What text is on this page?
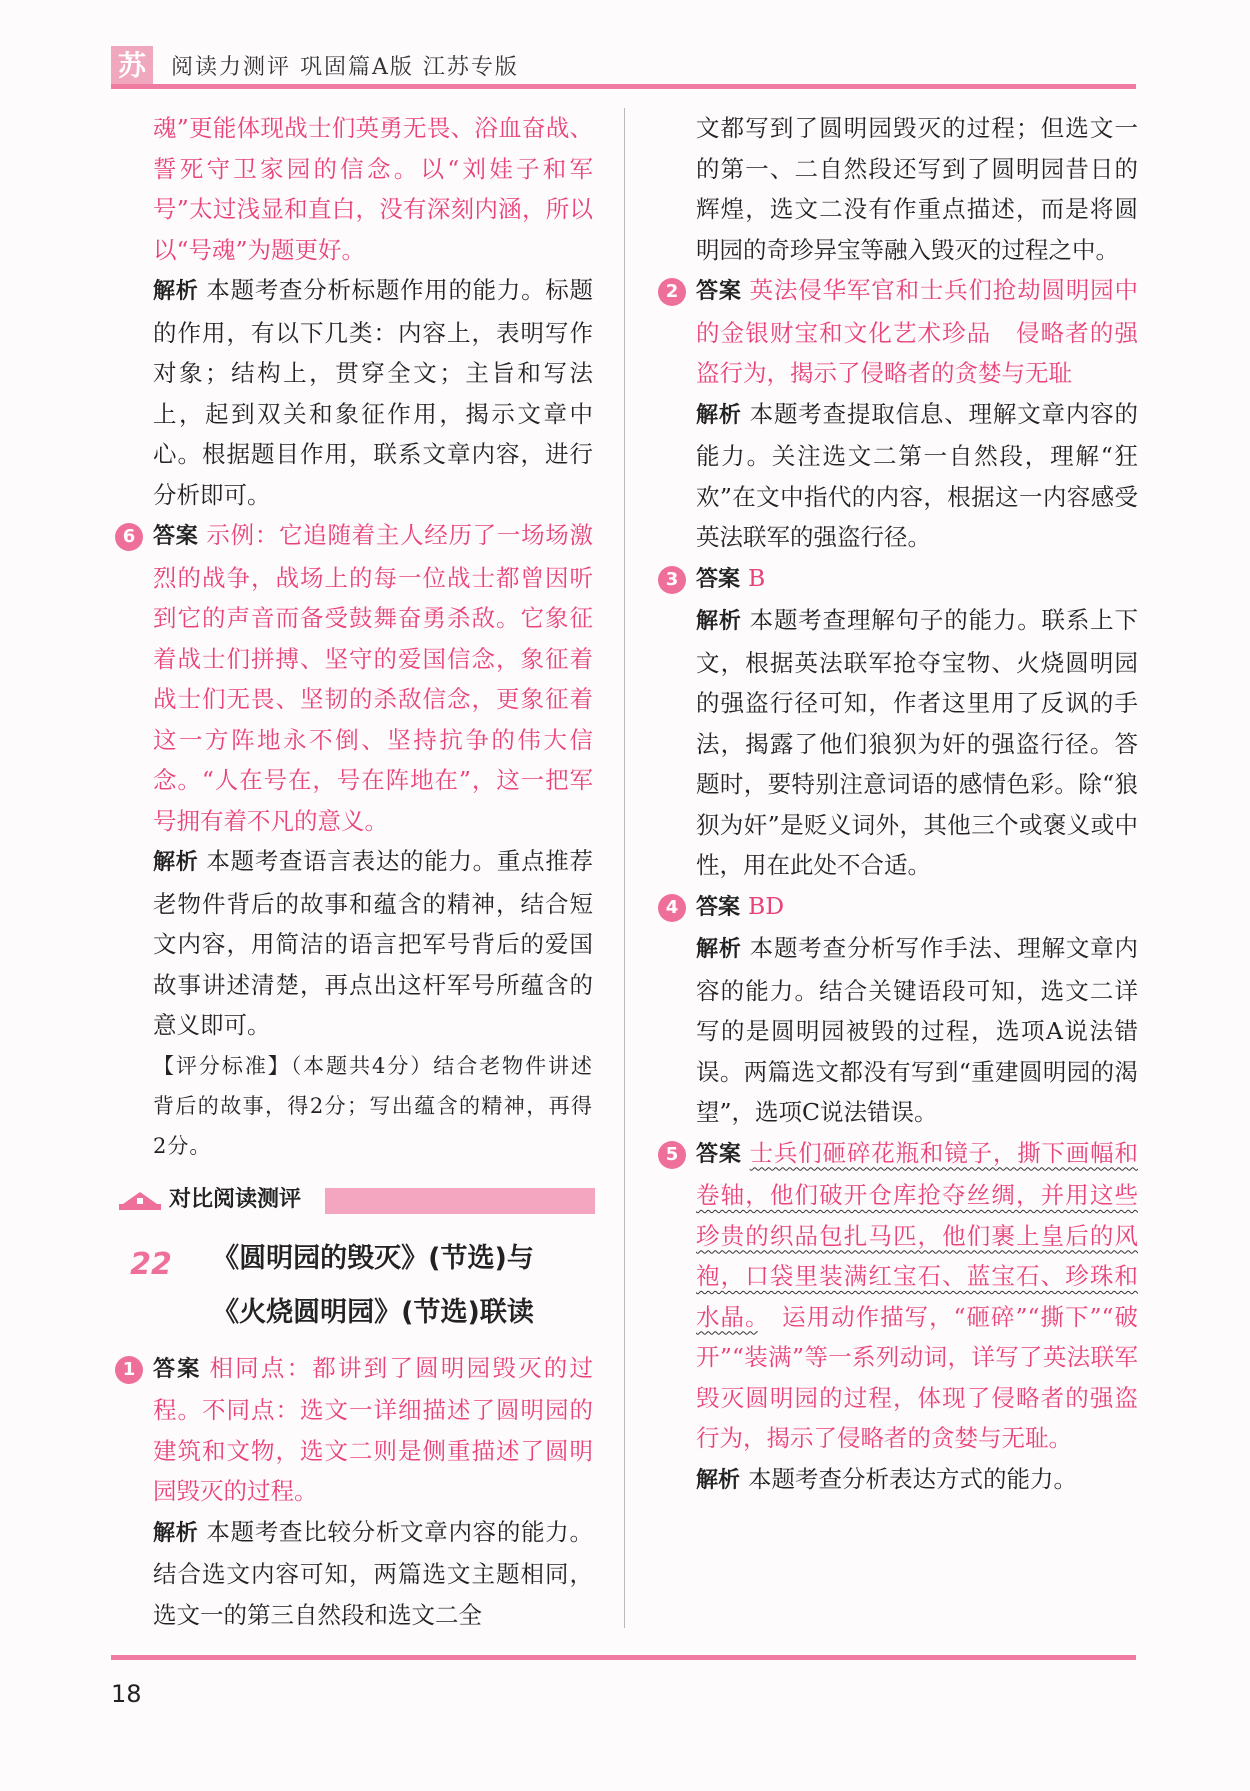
苏	阅读力测评 巩固篇A版 江苏专版

魂”更能体现战士们英勇无畏、浴血奋战、誓死守卫家园的信念。以“刘娃子和军号”太过浅显和直白，没有深刻内涵，所以以“号魂”为题更好。

解析 本题考查分析标题作用的能力。标题的作用，有以下几类：内容上，表明写作对象；结构上，贯穿全文；主旨和写法上，起到双关和象征作用，揭示文章中心。根据题目作用，联系文章内容，进行分析即可。

6 答案 示例：它追随着主人经历了一场场激烈的战争，战场上的每一位战士都曾因听到它的声音而备受鼓舞奋勇杀敌。它象征着战士们拼搏、坚守的爱国信念，象征着战士们无畏、坚韧的杀敌信念，更象征着这一方阵地永不倒、坚持抗争的伟大信念。“人在号在，号在阵地在”，这一把军号拥有着不凡的意义。

解析 本题考查语言表达的能力。重点推荐老物件背后的故事和蕴含的精神，结合短文内容，用简洁的语言把军号背后的爱国故事讲述清楚，再点出这杆军号所蕴含的意义即可。

【评分标准】（本题共4分）结合老物件讲述背后的故事，得2分；写出蕴含的精神，再得2分。

对比阅读测评
22	《圆明园的毁灭》(节选)与
《火烧圆明园》(节选)联读
1 答案 相同点：都讲到了圆明园毁灭的过程。不同点：选文一详细描述了圆明园的建筑和文物，选文二则是侧重描述了圆明园毁灭的过程。

解析 本题考查比较分析文章内容的能力。结合选文内容可知，两篇选文主题相同，选文一的第三自然段和选文二全

文都写到了圆明园毁灭的过程；但选文一的第一、二自然段还写到了圆明园昔日的辉煌，选文二没有作重点描述，而是将圆明园的奇珍异宝等融入毁灭的过程之中。

2 答案 英法侵华军官和士兵们抢劫圆明园中的金银财宝和文化艺术珍品　侵略者的强盗行为，揭示了侵略者的贪婪与无耻

解析 本题考查提取信息、理解文章内容的能力。关注选文二第一自然段，理解“狂欢”在文中指代的内容，根据这一内容感受英法联军的强盗行径。

3 答案 B

解析 本题考查理解句子的能力。联系上下文，根据英法联军抢夺宝物、火烧圆明园的强盗行径可知，作者这里用了反讽的手法，揭露了他们狼狈为奸的强盗行径。答题时，要特别注意词语的感情色彩。除“狼狈为奸”是贬义词外，其他三个或褒义或中性，用在此处不合适。

4 答案 BD

解析 本题考查分析写作手法、理解文章内容的能力。结合关键语段可知，选文二详写的是圆明园被毁的过程，选项A说法错误。两篇选文都没有写到“重建圆明园的渴望”，选项C说法错误。

5 答案 士兵们砸碎花瓶和镜子，撕下画幅和卷轴，他们破开仓库抢夺丝绸，并用这些珍贵的织品包扎马匹，他们裹上皇后的风袍，口袋里装满红宝石、蓝宝石、珍珠和水晶。　运用动作描写，“砸碎”“撕下”“破开”“装满”等一系列动词，详写了英法联军毁灭圆明园的过程，体现了侵略者的强盗行为，揭示了侵略者的贪婪与无耻。

解析 本题考查分析表达方式的能力。

18
